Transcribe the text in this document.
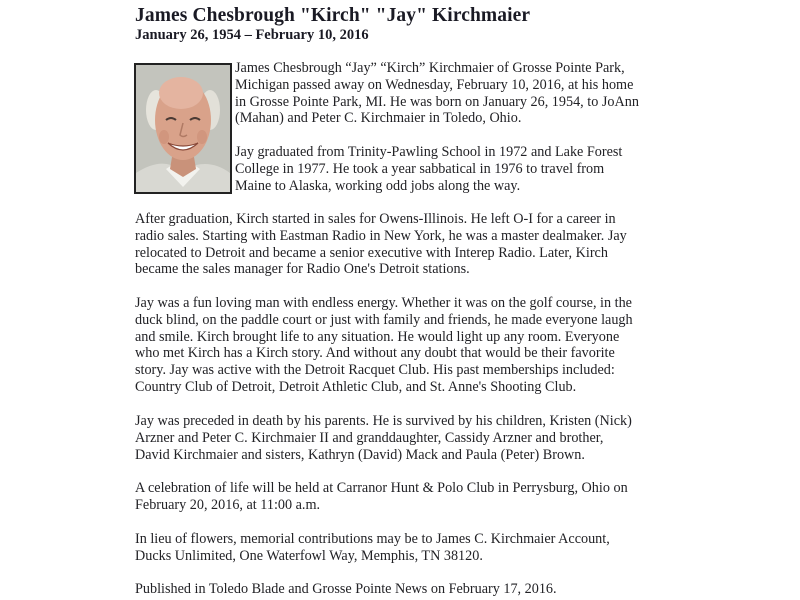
James Chesbrough "Kirch" "Jay" Kirchmaier
January 26, 1954 – February 10, 2016
James Chesbrough “Jay” “Kirch” Kirchmaier of Grosse Pointe Park,
Michigan passed away on Wednesday, February 10, 2016, at his home
in Grosse Pointe Park, MI. He was born on January 26, 1954, to JoAnn
(Mahan) and Peter C. Kirchmaier in Toledo, Ohio.
Jay graduated from Trinity-Pawling School in 1972 and Lake Forest
College in 1977. He took a year sabbatical in 1976 to travel from
Maine to Alaska, working odd jobs along the way.
After graduation, Kirch started in sales for Owens-Illinois. He left O-I for a career in
radio sales. Starting with Eastman Radio in New York, he was a master dealmaker. Jay
relocated to Detroit and became a senior executive with Interep Radio. Later, Kirch
became the sales manager for Radio One's Detroit stations.
Jay was a fun loving man with endless energy. Whether it was on the golf course, in the
duck blind, on the paddle court or just with family and friends, he made everyone laugh
and smile. Kirch brought life to any situation. He would light up any room. Everyone
who met Kirch has a Kirch story. And without any doubt that would be their favorite
story. Jay was active with the Detroit Racquet Club. His past memberships included:
Country Club of Detroit, Detroit Athletic Club, and St. Anne's Shooting Club.
Jay was preceded in death by his parents. He is survived by his children, Kristen (Nick)
Arzner and Peter C. Kirchmaier II and granddaughter, Cassidy Arzner and brother,
David Kirchmaier and sisters, Kathryn (David) Mack and Paula (Peter) Brown.
A celebration of life will be held at Carranor Hunt & Polo Club in Perrysburg, Ohio on
February 20, 2016, at 11:00 a.m.
In lieu of flowers, memorial contributions may be to James C. Kirchmaier Account,
Ducks Unlimited, One Waterfowl Way, Memphis, TN 38120.
Published in Toledo Blade and Grosse Pointe News on February 17, 2016.
